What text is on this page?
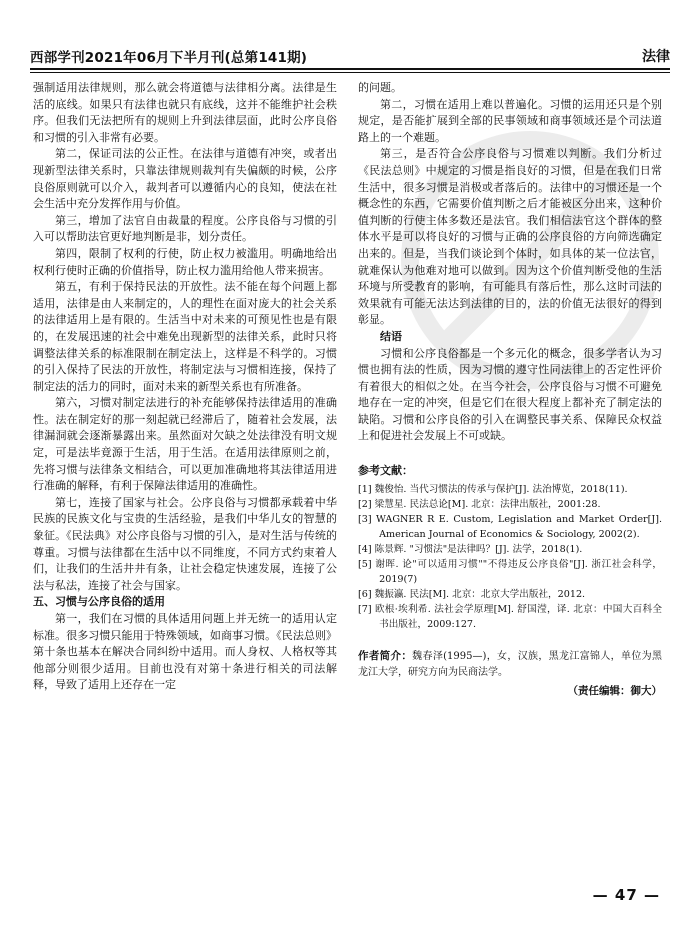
西部学刊2021年06月下半月刊(总第141期)	法律

强制适用法律规则，那么就会将道德与法律相分离。法律是生活的底线。如果只有法律也就只有底线，这并不能维护社会秩序。但我们无法把所有的规则上升到法律层面，此时公序良俗和习惯的引入非常有必要。

第二，保证司法的公正性。在法律与道德有冲突，或者出现新型法律关系时，只靠法律规则裁判有失偏颇的时候，公序良俗原则就可以介入，裁判者可以遵循内心的良知，使法在社会生活中充分发挥作用与价值。

第三，增加了法官自由裁量的程度。公序良俗与习惯的引入可以帮助法官更好地判断是非，划分责任。

第四，限制了权利的行使，防止权力被滥用。明确地给出权利行使时正确的价值指导，防止权力滥用给他人带来损害。

第五，有利于保持民法的开放性。法不能在每个问题上都适用，法律是由人来制定的，人的理性在面对庞大的社会关系的法律适用上是有限的。生活当中对未来的可预见性也是有限的，在发展迅速的社会中难免出现新型的法律关系，此时只将调整法律关系的标准限制在制定法上，这样是不科学的。习惯的引入保持了民法的开放性，将制定法与习惯相连接，保持了制定法的活力的同时，面对未来的新型关系也有所准备。

第六，习惯对制定法进行的补充能够保持法律适用的准确性。法在制定好的那一刻起就已经滞后了，随着社会发展，法律漏洞就会逐渐暴露出来。虽然面对欠缺之处法律没有明文规定，可是法毕竟源于生活，用于生活。在适用法律原则之前，先将习惯与法律条文相结合，可以更加准确地将其法律适用进行准确的解释，有利于保障法律适用的准确性。

第七，连接了国家与社会。公序良俗与习惯都承载着中华民族的民族文化与宝贵的生活经验，是我们中华儿女的智慧的象征。《民法典》对公序良俗与习惯的引入，是对生活与传统的尊重。习惯与法律都在生活中以不同维度，不同方式约束着人们，让我们的生活井井有条，让社会稳定快速发展，连接了公法与私法，连接了社会与国家。

五、习惯与公序良俗的适用

第一，我们在习惯的具体适用问题上并无统一的适用认定标准。很多习惯只能用于特殊领域，如商事习惯。《民法总则》第十条也基本在解决合同纠纷中适用。而人身权、人格权等其他部分则很少适用。目前也没有对第十条进行相关的司法解释，导致了适用上还存在一定

的问题。

第二，习惯在适用上难以普遍化。习惯的运用还只是个别规定，是否能扩展到全部的民事领域和商事领域还是个司法道路上的一个难题。

第三，是否符合公序良俗与习惯难以判断。我们分析过《民法总则》中规定的习惯是指良好的习惯，但是在我们日常生活中，很多习惯是消极或者落后的。法律中的习惯还是一个概念性的东西，它需要价值判断之后才能被区分出来，这种价值判断的行使主体多数还是法官。我们相信法官这个群体的整体水平是可以将良好的习惯与正确的公序良俗的方向筛选确定出来的。但是，当我们谈论到个体时，如具体的某一位法官，就难保认为他难对地可以做到。因为这个价值判断受他的生活环境与所受教育的影响，有可能具有落后性，那么这时司法的效果就有可能无法达到法律的目的，法的价值无法很好的得到彰显。

结语

习惯和公序良俗都是一个多元化的概念，很多学者认为习惯也拥有法的性质，因为习惯的遵守性同法律上的否定性评价有着很大的相似之处。在当今社会，公序良俗与习惯不可避免地存在一定的冲突，但是它们在很大程度上都补充了制定法的缺陷。习惯和公序良俗的引入在调整民事关系、保障民众权益上和促进社会发展上不可或缺。

参考文献：
[1] 魏俊怡. 当代习惯法的传承与保护[J]. 法治博览，2018(11).
[2] 梁慧星. 民法总论[M]. 北京：法律出版社，2001:28.
[3] WAGNER R E. Custom, Legislation and Market Order[J]. American Journal of Economics & Sociology, 2002(2).
[4] 陈景辉. "习惯法"是法律吗？[J]. 法学，2018(1).
[5] 谢晖. 论"可以适用习惯""不得违反公序良俗"[J]. 浙江社会科学，2019(7)
[6] 魏振瀛. 民法[M]. 北京：北京大学出版社，2012.
[7] 欧根·埃利希. 法社会学原理[M]. 舒国滢，译. 北京：中国大百科全书出版社，2009:127.
作者简介：魏春泽(1995—)，女，汉族，黑龙江富锦人，单位为黑龙江大学，研究方向为民商法学。
（责任编辑：御大）
— 47 —
